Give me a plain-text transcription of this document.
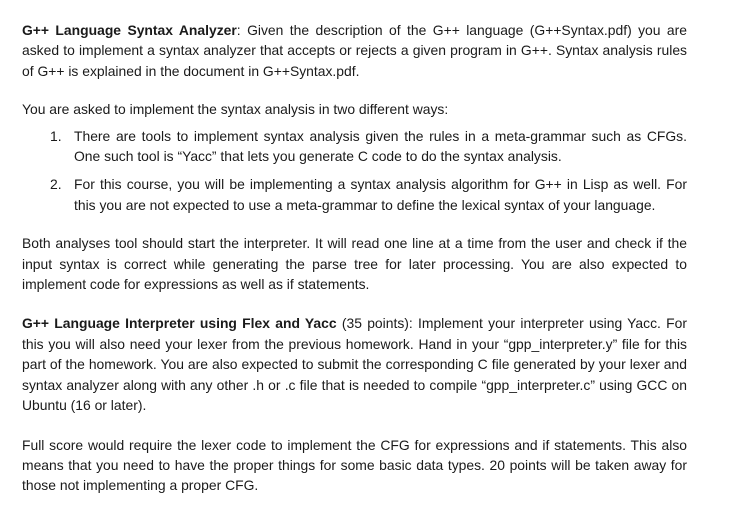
G++ Language Syntax Analyzer: Given the description of the G++ language (G++Syntax.pdf) you are asked to implement a syntax analyzer that accepts or rejects a given program in G++. Syntax analysis rules of G++ is explained in the document in G++Syntax.pdf.

You are asked to implement the syntax analysis in two different ways:

1. There are tools to implement syntax analysis given the rules in a meta-grammar such as CFGs. One such tool is “Yacc” that lets you generate C code to do the syntax analysis.
2. For this course, you will be implementing a syntax analysis algorithm for G++ in Lisp as well. For this you are not expected to use a meta-grammar to define the lexical syntax of your language.

Both analyses tool should start the interpreter. It will read one line at a time from the user and check if the input syntax is correct while generating the parse tree for later processing. You are also expected to implement code for expressions as well as if statements.

G++ Language Interpreter using Flex and Yacc (35 points): Implement your interpreter using Yacc. For this you will also need your lexer from the previous homework. Hand in your “gpp_interpreter.y” file for this part of the homework. You are also expected to submit the corresponding C file generated by your lexer and syntax analyzer along with any other .h or .c file that is needed to compile “gpp_interpreter.c” using GCC on Ubuntu (16 or later).

Full score would require the lexer code to implement the CFG for expressions and if statements. This also means that you need to have the proper things for some basic data types. 20 points will be taken away for those not implementing a proper CFG.
